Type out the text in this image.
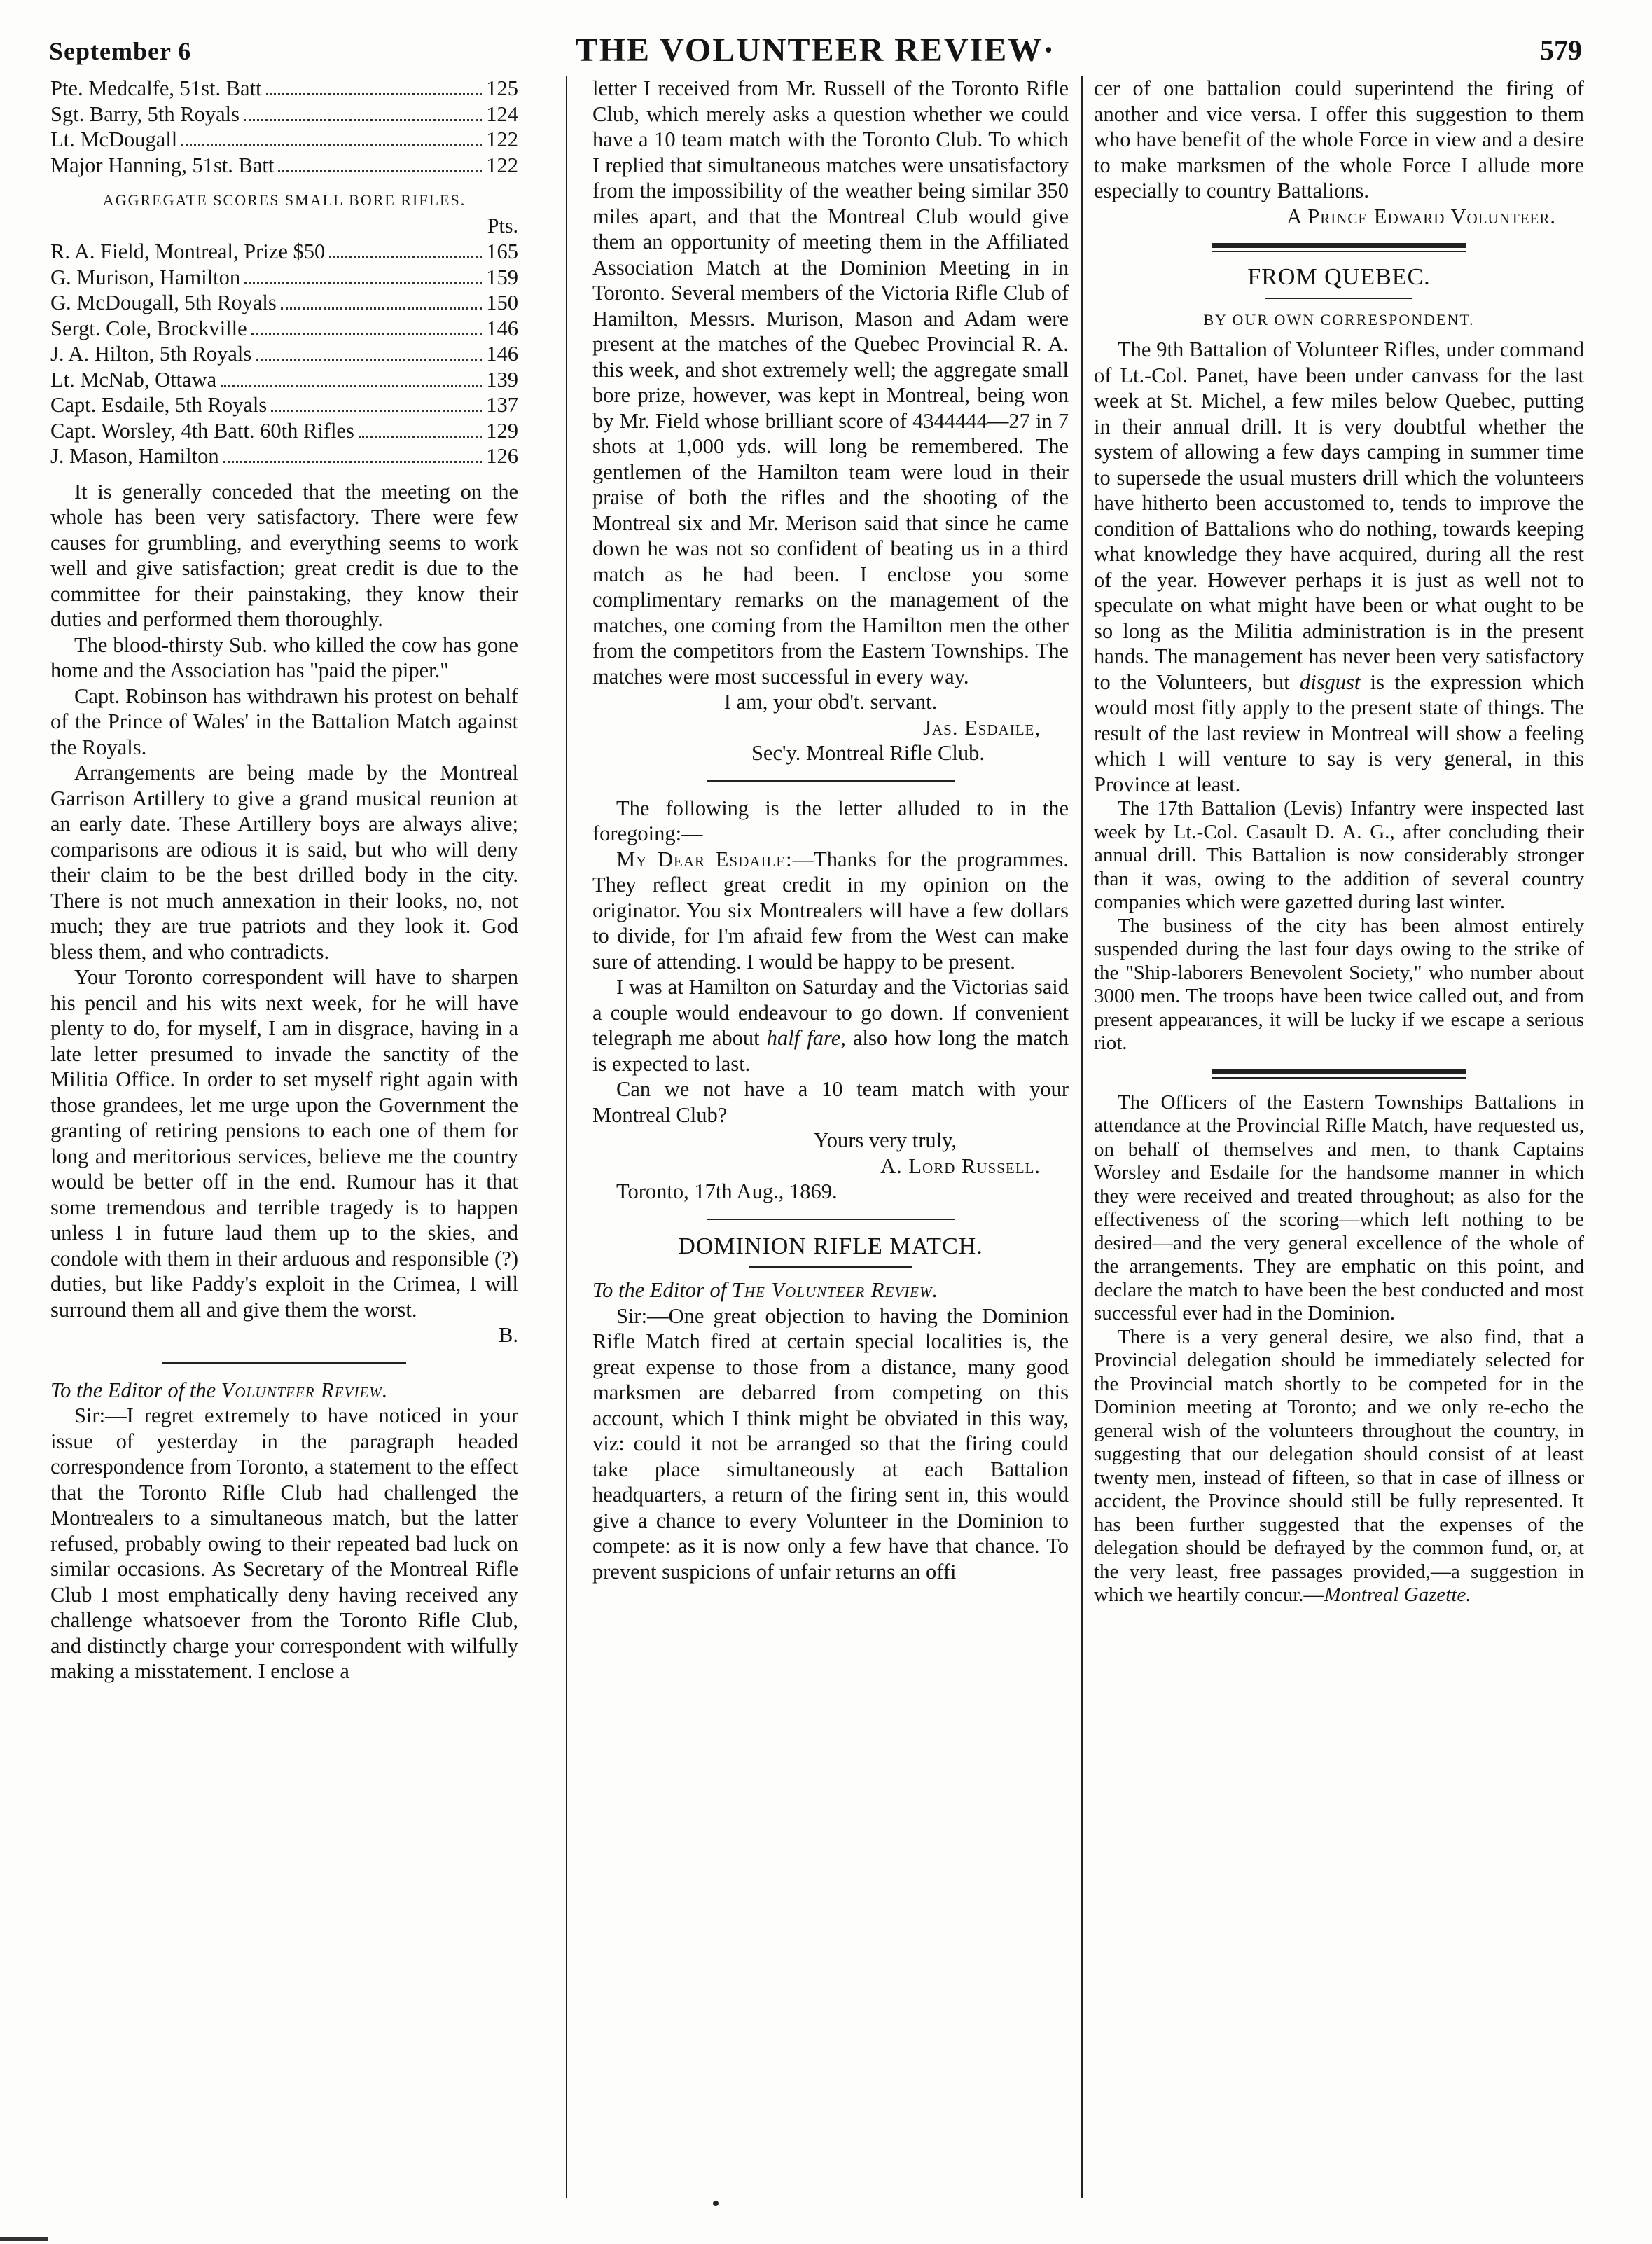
September 6	THE VOLUNTEER REVIEW·	579
Pte. Medcalfe, 51st. Batt	125
Sgt. Barry, 5th Royals	124
Lt. McDougall	122
Major Hanning, 51st. Batt	122
AGGREGATE SCORES SMALL BORE RIFLES.
Pts.
R. A. Field, Montreal, Prize $50	165
G. Murison, Hamilton	159
G. McDougall, 5th Royals	150
Sergt. Cole, Brockville	146
J. A. Hilton, 5th Royals	146
Lt. McNab, Ottawa	139
Capt. Esdaile, 5th Royals	137
Capt. Worsley, 4th Batt. 60th Rifles	129
J. Mason, Hamilton	126

It is generally conceded that the meeting on the whole has been very satisfactory. There were few causes for grumbling, and everything seems to work well and give satisfaction; great credit is due to the committee for their painstaking, they know their duties and performed them thoroughly.

The blood-thirsty Sub. who killed the cow has gone home and the Association has "paid the piper."

Capt. Robinson has withdrawn his protest on behalf of the Prince of Wales' in the Battalion Match against the Royals.

Arrangements are being made by the Montreal Garrison Artillery to give a grand musical reunion at an early date. These Artillery boys are always alive; comparisons are odious it is said, but who will deny their claim to be the best drilled body in the city. There is not much annexation in their looks, no, not much; they are true patriots and they look it. God bless them, and who contradicts.

Your Toronto correspondent will have to sharpen his pencil and his wits next week, for he will have plenty to do, for myself, I am in disgrace, having in a late letter presumed to invade the sanctity of the Militia Office. In order to set myself right again with those grandees, let me urge upon the Government the granting of retiring pensions to each one of them for long and meritorious services, believe me the country would be better off in the end. Rumour has it that some tremendous and terrible tragedy is to happen unless I in future laud them up to the skies, and condole with them in their arduous and responsible (?) duties, but like Paddy's exploit in the Crimea, I will surround them all and give them the worst.

B.

To the Editor of the Volunteer Review.

Sir:—I regret extremely to have noticed in your issue of yesterday in the paragraph headed correspondence from Toronto, a statement to the effect that the Toronto Rifle Club had challenged the Montrealers to a simultaneous match, but the latter refused, probably owing to their repeated bad luck on similar occasions. As Secretary of the Montreal Rifle Club I most emphatically deny having received any challenge whatsoever from the Toronto Rifle Club, and distinctly charge your correspondent with wilfully making a misstatement. I enclose a

letter I received from Mr. Russell of the Toronto Rifle Club, which merely asks a question whether we could have a 10 team match with the Toronto Club. To which I replied that simultaneous matches were unsatisfactory from the impossibility of the weather being similar 350 miles apart, and that the Montreal Club would give them an opportunity of meeting them in the Affiliated Association Match at the Dominion Meeting in in Toronto. Several members of the Victoria Rifle Club of Hamilton, Messrs. Murison, Mason and Adam were present at the matches of the Quebec Provincial R. A. this week, and shot extremely well; the aggregate small bore prize, however, was kept in Montreal, being won by Mr. Field whose brilliant score of 4344444—27 in 7 shots at 1,000 yds. will long be remembered. The gentlemen of the Hamilton team were loud in their praise of both the rifles and the shooting of the Montreal six and Mr. Merison said that since he came down he was not so confident of beating us in a third match as he had been. I enclose you some complimentary remarks on the management of the matches, one coming from the Hamilton men the other from the competitors from the Eastern Townships. The matches were most successful in every way.

I am, your obd't. servant.

Jas. Esdaile,

Sec'y. Montreal Rifle Club.

The following is the letter alluded to in the foregoing:—

My Dear Esdaile:—Thanks for the programmes. They reflect great credit in my opinion on the originator. You six Montrealers will have a few dollars to divide, for I'm afraid few from the West can make sure of attending. I would be happy to be present.

I was at Hamilton on Saturday and the Victorias said a couple would endeavour to go down. If convenient telegraph me about half fare, also how long the match is expected to last.

Can we not have a 10 team match with your Montreal Club?

Yours very truly,

A. Lord Russell.

Toronto, 17th Aug., 1869.

DOMINION RIFLE MATCH.

To the Editor of The Volunteer Review.

Sir:—One great objection to having the Dominion Rifle Match fired at certain special localities is, the great expense to those from a distance, many good marksmen are debarred from competing on this account, which I think might be obviated in this way, viz: could it not be arranged so that the firing could take place simultaneously at each Battalion headquarters, a return of the firing sent in, this would give a chance to every Volunteer in the Dominion to compete: as it is now only a few have that chance. To prevent suspicions of unfair returns an offi

cer of one battalion could superintend the firing of another and vice versa. I offer this suggestion to them who have benefit of the whole Force in view and a desire to make marksmen of the whole Force I allude more especially to country Battalions.

A Prince Edward Volunteer.

FROM QUEBEC.
BY OUR OWN CORRESPONDENT.

The 9th Battalion of Volunteer Rifles, under command of Lt.-Col. Panet, have been under canvass for the last week at St. Michel, a few miles below Quebec, putting in their annual drill. It is very doubtful whether the system of allowing a few days camping in summer time to supersede the usual musters drill which the volunteers have hitherto been accustomed to, tends to improve the condition of Battalions who do nothing, towards keeping what knowledge they have acquired, during all the rest of the year. However perhaps it is just as well not to speculate on what might have been or what ought to be so long as the Militia administration is in the present hands. The management has never been very satisfactory to the Volunteers, but disgust is the expression which would most fitly apply to the present state of things. The result of the last review in Montreal will show a feeling which I will venture to say is very general, in this Province at least.

The 17th Battalion (Levis) Infantry were inspected last week by Lt.-Col. Casault D. A. G., after concluding their annual drill. This Battalion is now considerably stronger than it was, owing to the addition of several country companies which were gazetted during last winter.

The business of the city has been almost entirely suspended during the last four days owing to the strike of the "Ship-laborers Benevolent Society," who number about 3000 men. The troops have been twice called out, and from present appearances, it will be lucky if we escape a serious riot.

The Officers of the Eastern Townships Battalions in attendance at the Provincial Rifle Match, have requested us, on behalf of themselves and men, to thank Captains Worsley and Esdaile for the handsome manner in which they were received and treated throughout; as also for the effectiveness of the scoring—which left nothing to be desired—and the very general excellence of the whole of the arrangements. They are emphatic on this point, and declare the match to have been the best conducted and most successful ever had in the Dominion.

There is a very general desire, we also find, that a Provincial delegation should be immediately selected for the Provincial match shortly to be competed for in the Dominion meeting at Toronto; and we only re-echo the general wish of the volunteers throughout the country, in suggesting that our delegation should consist of at least twenty men, instead of fifteen, so that in case of illness or accident, the Province should still be fully represented. It has been further suggested that the expenses of the delegation should be defrayed by the common fund, or, at the very least, free passages provided,—a suggestion in which we heartily concur.—Montreal Gazette.
